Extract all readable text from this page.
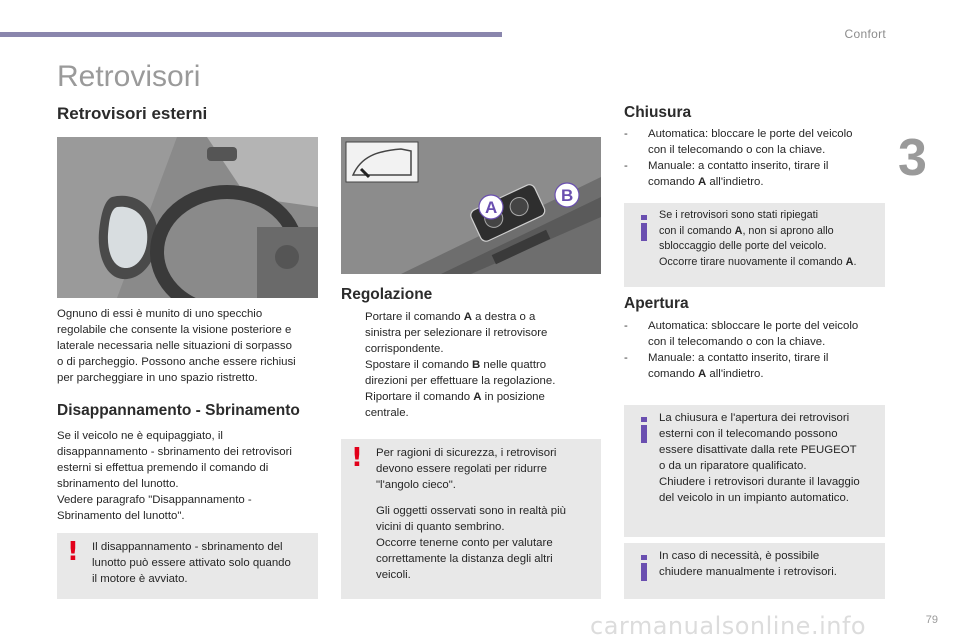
Confort
3
Retrovisori
Retrovisori esterni
Ognuno di essi è munito di uno specchio
regolabile che consente la visione posteriore e
laterale necessaria nelle situazioni di sorpasso
o di parcheggio. Possono anche essere richiusi
per parcheggiare in uno spazio ristretto.
Disappannamento - Sbrinamento
Se il veicolo ne è equipaggiato, il
disappannamento - sbrinamento dei retrovisori
esterni si effettua premendo il comando di
sbrinamento del lunotto.
Vedere paragrafo "Disappannamento -
Sbrinamento del lunotto".
! Il disappannamento - sbrinamento del
lunotto può essere attivato solo quando
il motore è avviato.
A
B
Regolazione
Portare il comando A a destra o a
sinistra per selezionare il retrovisore
corrispondente.
Spostare il comando B nelle quattro
direzioni per effettuare la regolazione.
Riportare il comando A in posizione
centrale.
! Per ragioni di sicurezza, i retrovisori
devono essere regolati per ridurre
"l'angolo cieco".
Gli oggetti osservati sono in realtà più
vicini di quanto sembrino.
Occorre tenerne conto per valutare
correttamente la distanza degli altri
veicoli.
Chiusura
-	Automatica: bloccare le porte del veicolo
con il telecomando o con la chiave.
-	Manuale: a contatto inserito, tirare il
comando A all'indietro.
Se i retrovisori sono stati ripiegati
con il comando A, non si aprono allo
sbloccaggio delle porte del veicolo.
Occorre tirare nuovamente il comando A.
Apertura
-	Automatica: sbloccare le porte del veicolo
con il telecomando o con la chiave.
-	Manuale: a contatto inserito, tirare il
comando A all'indietro.
La chiusura e l'apertura dei retrovisori
esterni con il telecomando possono
essere disattivate dalla rete PEUGEOT
o da un riparatore qualificato.
Chiudere i retrovisori durante il lavaggio
del veicolo in un impianto automatico.
In caso di necessità, è possibile
chiudere manualmente i retrovisori.
carmanualsonline.info	79
